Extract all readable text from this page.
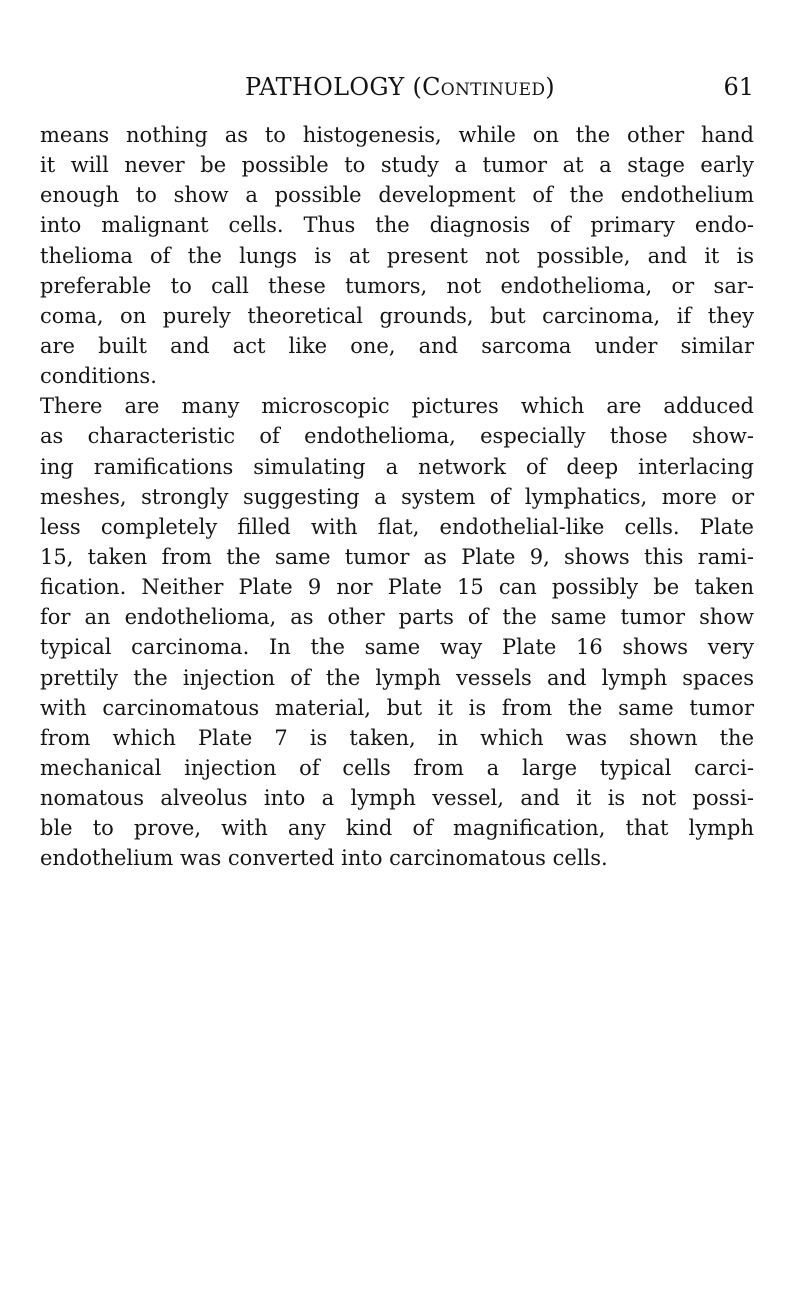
PATHOLOGY (Continued)	61
means nothing as to histogenesis, while on the other hand
it will never be possible to study a tumor at a stage early
enough to show a possible development of the endothelium
into malignant cells. Thus the diagnosis of primary endo-
thelioma of the lungs is at present not possible, and it is
preferable to call these tumors, not endothelioma, or sar-
coma, on purely theoretical grounds, but carcinoma, if they
are built and act like one, and sarcoma under similar
conditions.
There are many microscopic pictures which are adduced
as characteristic of endothelioma, especially those show-
ing ramifications simulating a network of deep interlacing
meshes, strongly suggesting a system of lymphatics, more or
less completely filled with flat, endothelial-like cells. Plate
15, taken from the same tumor as Plate 9, shows this rami-
fication. Neither Plate 9 nor Plate 15 can possibly be taken
for an endothelioma, as other parts of the same tumor show
typical carcinoma. In the same way Plate 16 shows very
prettily the injection of the lymph vessels and lymph spaces
with carcinomatous material, but it is from the same tumor
from which Plate 7 is taken, in which was shown the
mechanical injection of cells from a large typical carci-
nomatous alveolus into a lymph vessel, and it is not possi-
ble to prove, with any kind of magnification, that lymph
endothelium was converted into carcinomatous cells.
